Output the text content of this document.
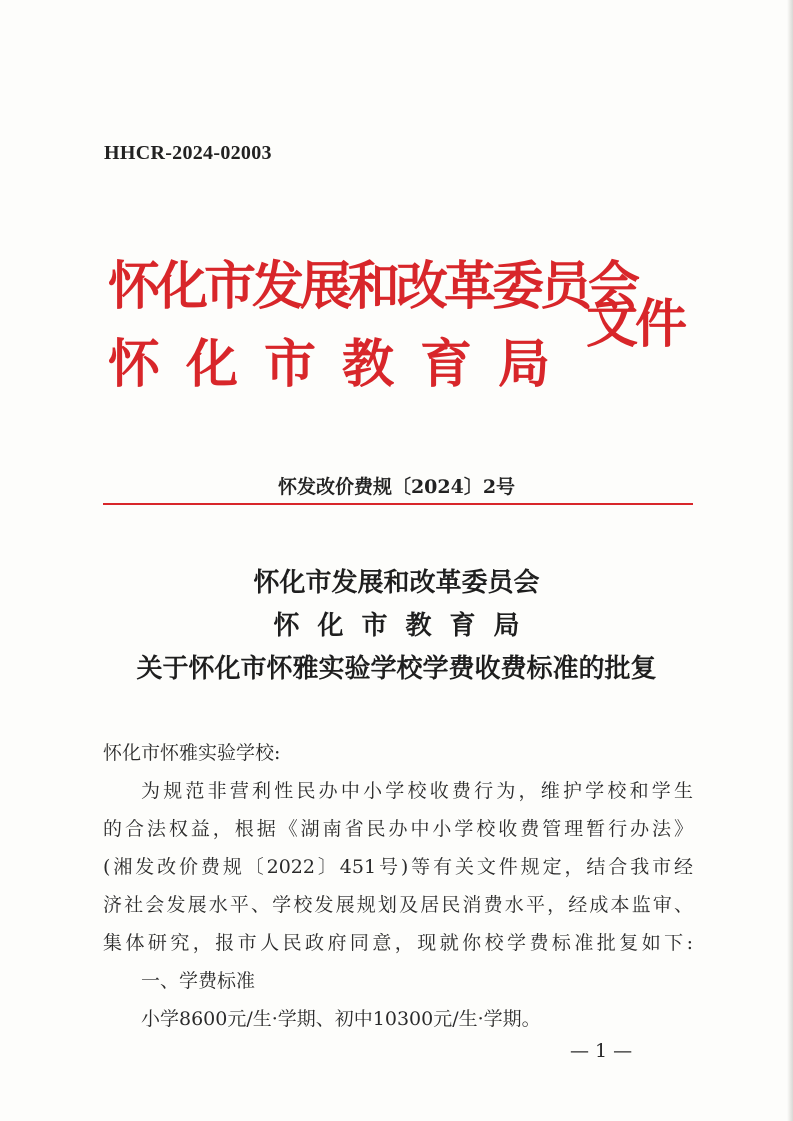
HHCR-2024-02003
怀化市发展和改革委员会
怀化市教育局
文件
怀发改价费规〔2024〕2号
怀化市发展和改革委员会
怀化市教育局
关于怀化市怀雅实验学校学费收费标准的批复

怀化市怀雅实验学校:

为规范非营利性民办中小学校收费行为，维护学校和学生

的合法权益，根据《湖南省民办中小学校收费管理暂行办法》

(湘发改价费规〔2022〕451号)等有关文件规定，结合我市经

济社会发展水平、学校发展规划及居民消费水平，经成本监审、

集体研究，报市人民政府同意，现就你校学费标准批复如下:

一、学费标准

小学8600元/生·学期、初中10300元/生·学期。

— 1 —
